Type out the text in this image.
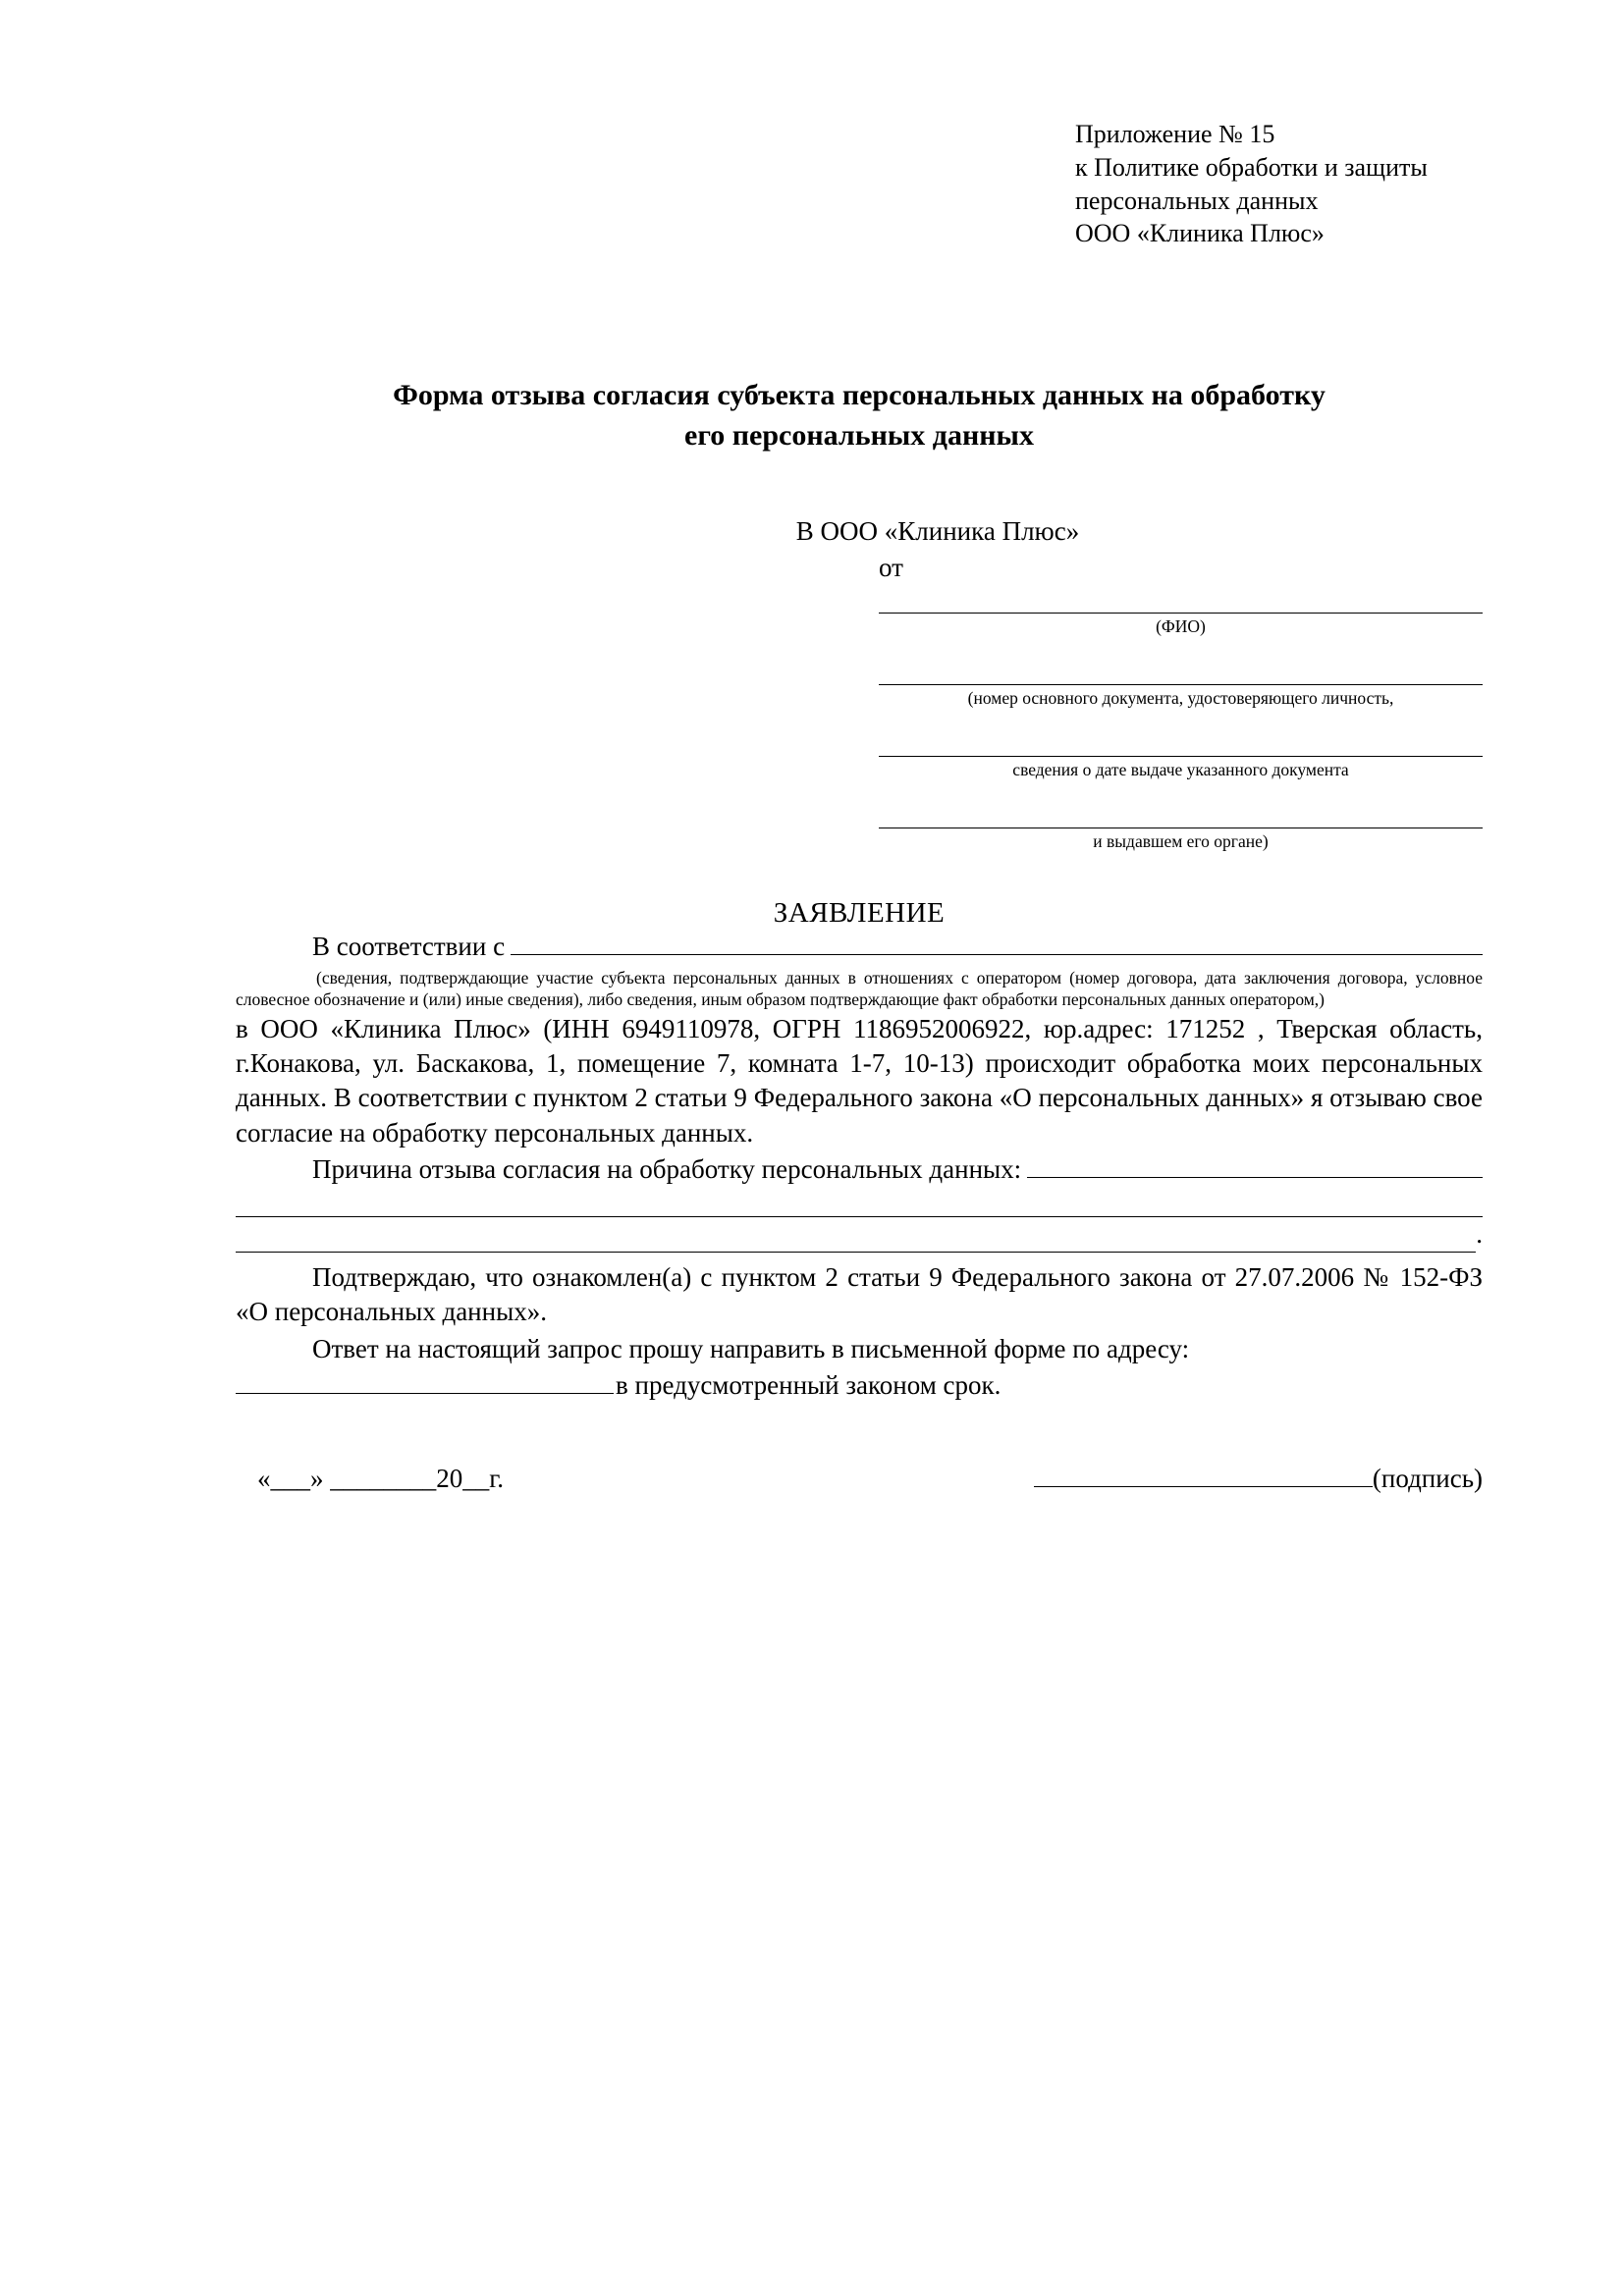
Приложение № 15
к Политике обработки и защиты
персональных данных
ООО «Клиника Плюс»
Форма отзыва согласия субъекта персональных данных на обработку
его персональных данных
В ООО «Клиника Плюс»
от
(ФИО)
(номер основного документа, удостоверяющего личность,
сведения о дате выдаче указанного документа
и выдавшем его органе)
ЗАЯВЛЕНИЕ
В соответствии с
(сведения, подтверждающие участие субъекта персональных данных в отношениях с оператором (номер договора, дата заключения договора, условное словесное обозначение и (или) иные сведения), либо сведения, иным образом подтверждающие факт обработки персональных данных оператором,)
в ООО «Клиника Плюс» (ИНН 6949110978, ОГРН 1186952006922, юр.адрес: 171252 , Тверская область, г.Конакова, ул. Баскакова, 1, помещение 7, комната 1-7, 10-13) происходит обработка моих персональных данных. В соответствии с пунктом 2 статьи 9 Федерального закона «О персональных данных» я отзываю свое согласие на обработку персональных данных.
Причина отзыва согласия на обработку персональных данных:
.
Подтверждаю, что ознакомлен(а) с пунктом 2 статьи 9 Федерального закона от 27.07.2006 № 152-ФЗ «О персональных данных».
Ответ на настоящий запрос прошу направить в письменной форме по адресу:
в предусмотренный законом срок.
«___» ________20__г.	(подпись)
